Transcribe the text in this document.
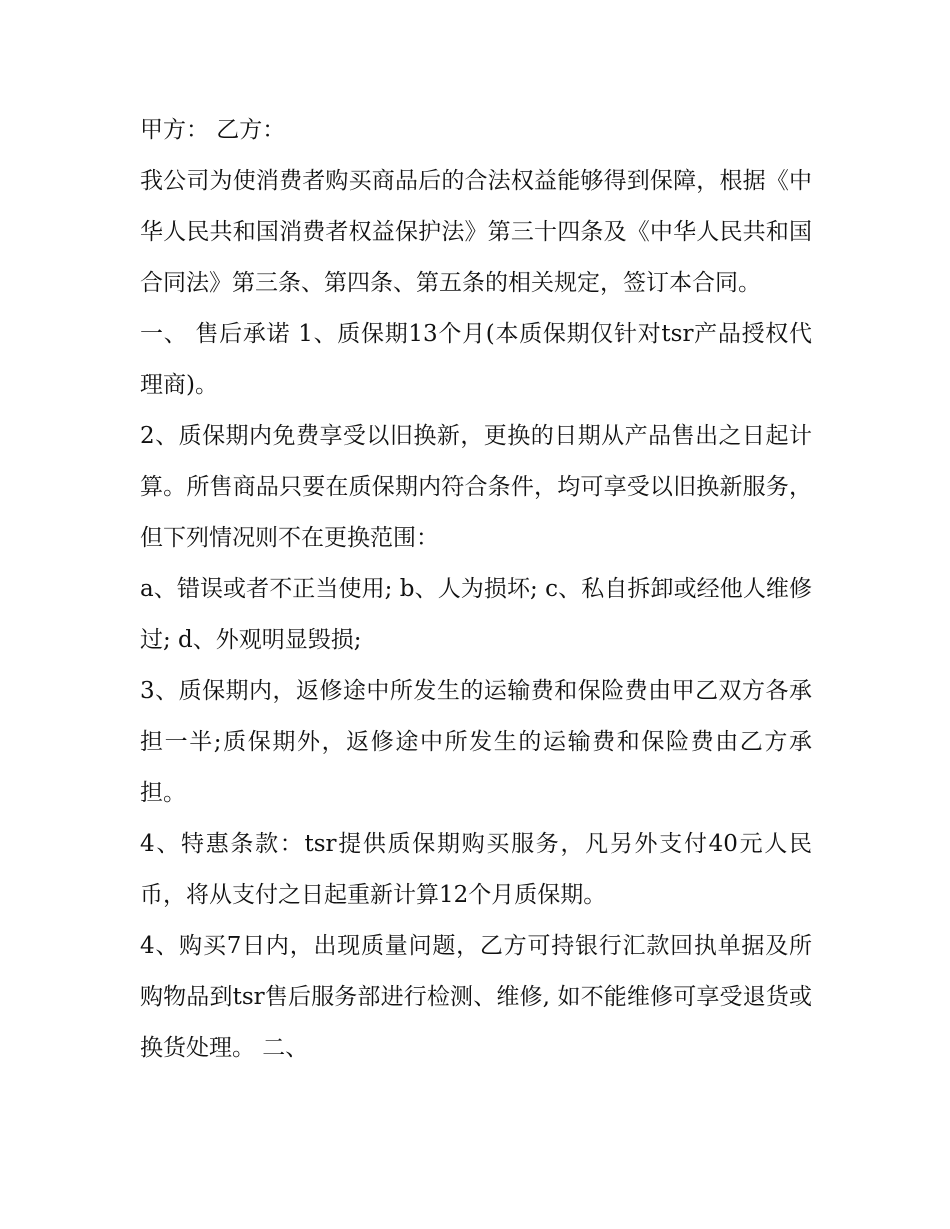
甲方： 乙方：

我公司为使消费者购买商品后的合法权益能够得到保障，根据《中华人民共和国消费者权益保护法》第三十四条及《中华人民共和国合同法》第三条、第四条、第五条的相关规定，签订本合同。

一、 售后承诺 1、质保期13个月(本质保期仅针对tsr产品授权代理商)。

2、质保期内免费享受以旧换新，更换的日期从产品售出之日起计算。所售商品只要在质保期内符合条件，均可享受以旧换新服务，但下列情况则不在更换范围：

a、错误或者不正当使用; b、人为损坏; c、私自拆卸或经他人维修过; d、外观明显毁损;

3、质保期内，返修途中所发生的运输费和保险费由甲乙双方各承担一半;质保期外，返修途中所发生的运输费和保险费由乙方承担。

4、特惠条款：tsr提供质保期购买服务，凡另外支付40元人民币，将从支付之日起重新计算12个月质保期。

4、购买7日内，出现质量问题，乙方可持银行汇款回执单据及所购物品到tsr售后服务部进行检测、维修, 如不能维修可享受退货或换货处理。 二、
